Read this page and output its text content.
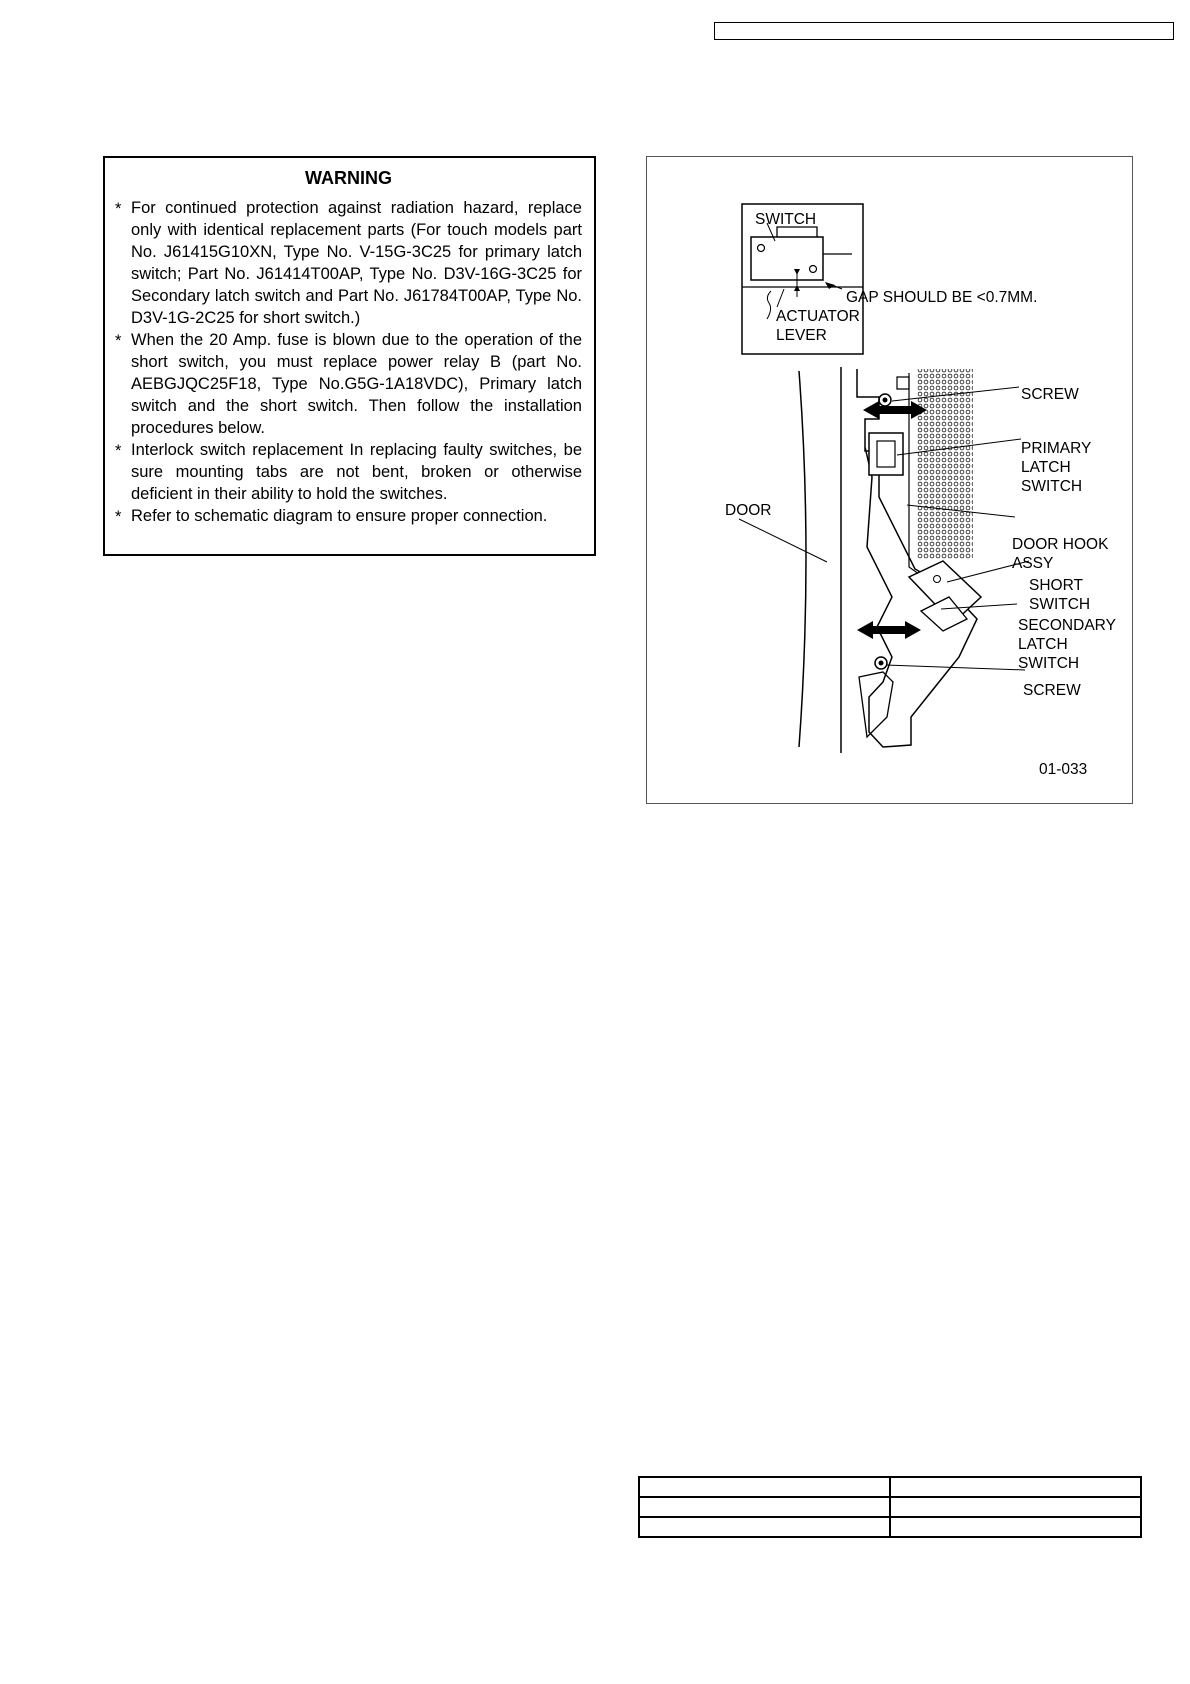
WARNING
* For continued protection against radiation hazard, replace only with identical replacement parts (For touch models part No. J61415G10XN, Type No. V-15G-3C25 for primary latch switch; Part No. J61414T00AP, Type No. D3V-16G-3C25 for Secondary latch switch and Part No. J61784T00AP, Type No. D3V-1G-2C25 for short switch.)
* When the 20 Amp. fuse is blown due to the operation of the short switch, you must replace power relay B (part No. AEBGJQC25F18, Type No.G5G-1A18VDC), Primary latch switch and the short switch. Then follow the installation procedures below.
* Interlock switch replacement In replacing faulty switches, be sure mounting tabs are not bent, broken or otherwise deficient in their ability to hold the switches.
* Refer to schematic diagram to ensure proper connection.
SWITCH
GAP SHOULD BE <0.7MM.
ACTUATOR
LEVER
SCREW
PRIMARY
LATCH
SWITCH
DOOR
DOOR HOOK
ASSY
SHORT
SWITCH
SECONDARY
LATCH
SWITCH
SCREW
01-033
